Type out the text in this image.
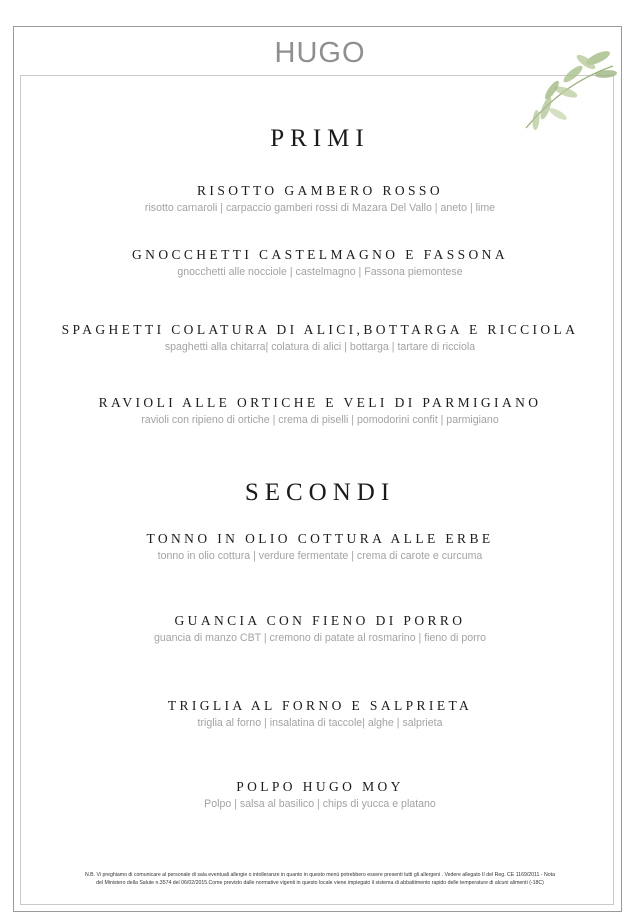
HUGO
PRIMI
RISOTTO GAMBERO ROSSO
risotto carnaroli | carpaccio gamberi rossi di Mazara Del Vallo | aneto | lime
GNOCCHETTI CASTELMAGNO E FASSONA
gnocchetti alle nocciole | castelmagno | Fassona piemontese
SPAGHETTI COLATURA DI ALICI,BOTTARGA E RICCIOLA
spaghetti alla chitarra| colatura di alici | bottarga | tartare di ricciola
RAVIOLI ALLE ORTICHE E VELI DI PARMIGIANO
ravioli con ripieno di ortiche | crema di piselli | pomodorini confit | parmigiano
SECONDI
TONNO IN OLIO COTTURA ALLE ERBE
tonno in olio cottura | verdure fermentate | crema di carote e curcuma
GUANCIA CON FIENO DI PORRO
guancia di manzo CBT | cremono di patate al rosmarino | fieno di porro
TRIGLIA AL FORNO E SALPRIETA
triglia al forno | insalatina di taccole| alghe | salprieta
POLPO HUGO MOY
Polpo | salsa al basilico | chips di yucca e platano
N.B. Vi preghiamo di comunicare al personale di sala eventuali allergie o intolleranze in quanto in questo menù potrebbero essere presenti tutti gli allergeni . Vedere allegato II del Reg. CE 1169/2011 - Nota
del Ministero della Salute n.3574 del 06/02/2015.Come previsto dalle normative vigenti in questo locale viene impiegato il sistema di abbattimento rapido delle temperature di alcuni alimenti (-18C)
